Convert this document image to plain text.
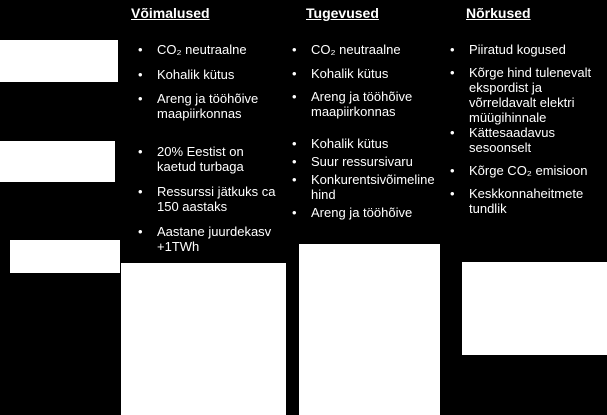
Võimalused	Tugevused	Nõrkused
• CO₂ neutraalne
• Kohalik kütus
• Areng ja tööhõive maapiirkonnas
• 20% Eestist on kaetud turbaga
• Ressurssi jätkuks ca 150 aastaks
• Aastane juurdekasv +1TWh
• CO₂ neutraalne
• Kohalik kütus
• Areng ja tööhõive maapiirkonnas
• Kohalik kütus
• Suur ressursivaru
• Konkurentsivõimeline hind
• Areng ja tööhõive
• Piiratud kogused
• Kõrge hind tulenevalt ekspordist ja võrreldavalt elektri müügihinnale
• Kättesaadavus sesoonselt
• Kõrge CO₂ emisioon
• Keskkonnaheitmete tundlik
